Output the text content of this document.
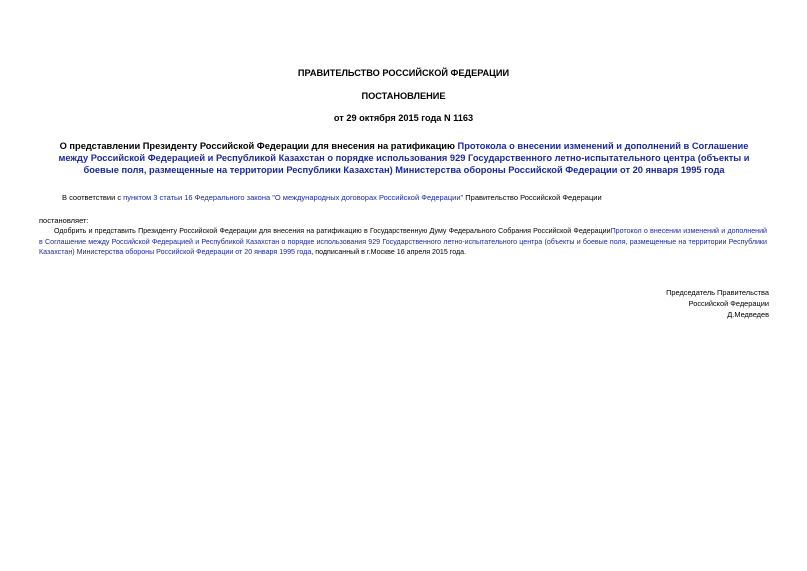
ПРАВИТЕЛЬСТВО РОССИЙСКОЙ ФЕДЕРАЦИИ
ПОСТАНОВЛЕНИЕ
от 29 октября 2015 года N 1163
О представлении Президенту Российской Федерации для внесения на ратификацию Протокола о внесении изменений и дополнений в Соглашение между Российской Федерацией и Республикой Казахстан о порядке использования 929 Государственного летно-испытательного центра (объекты и боевые поля, размещенные на территории Республики Казахстан) Министерства обороны Российской Федерации от 20 января 1995 года
В соответствии с пунктом 3 статьи 16 Федерального закона "О международных договорах Российской Федерации" Правительство Российской Федерации
постановляет:
Одобрить и представить Президенту Российской Федерации для внесения на ратификацию в Государственную Думу Федерального Собрания Российской ФедерацииПротокол о внесении изменений и дополнений в Соглашение между Российской Федерацией и Республикой Казахстан о порядке использования 929 Государственного летно-испытательного центра (объекты и боевые поля, размещенные на территории Республики Казахстан) Министерства обороны Российской Федерации от 20 января 1995 года, подписанный в г.Москве 16 апреля 2015 года.
Председатель Правительства
Российской Федерации
Д.Медведев
